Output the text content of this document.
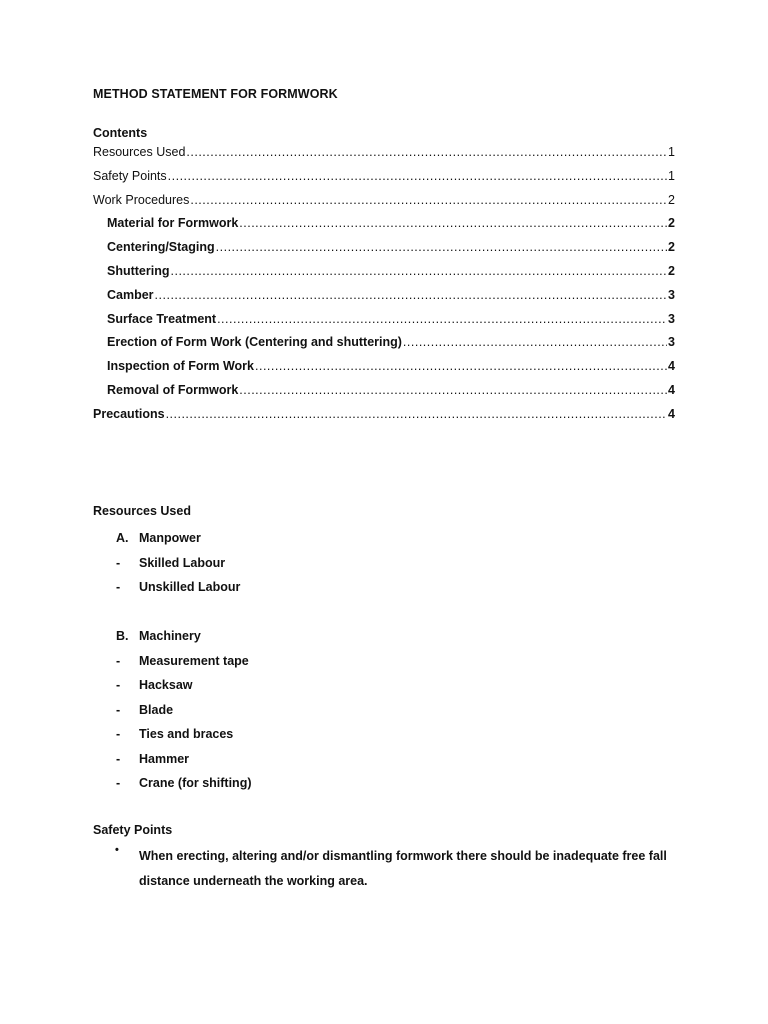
METHOD STATEMENT FOR FORMWORK
Contents
Resources Used .....	1
Safety Points .....	1
Work Procedures .....	2
Material for Formwork .....	2
Centering/Staging .....	2
Shuttering .....	2
Camber .....	3
Surface Treatment .....	3
Erection of Form Work (Centering and shuttering) .....	3
Inspection of Form Work .....	4
Removal of Formwork .....	4
Precautions .....	4
Resources Used
A. Manpower
- Skilled Labour
- Unskilled Labour
B. Machinery
- Measurement tape
- Hacksaw
- Blade
- Ties and braces
- Hammer
- Crane (for shifting)
Safety Points
• When erecting, altering and/or dismantling formwork there should be inadequate free fall distance underneath the working area.
